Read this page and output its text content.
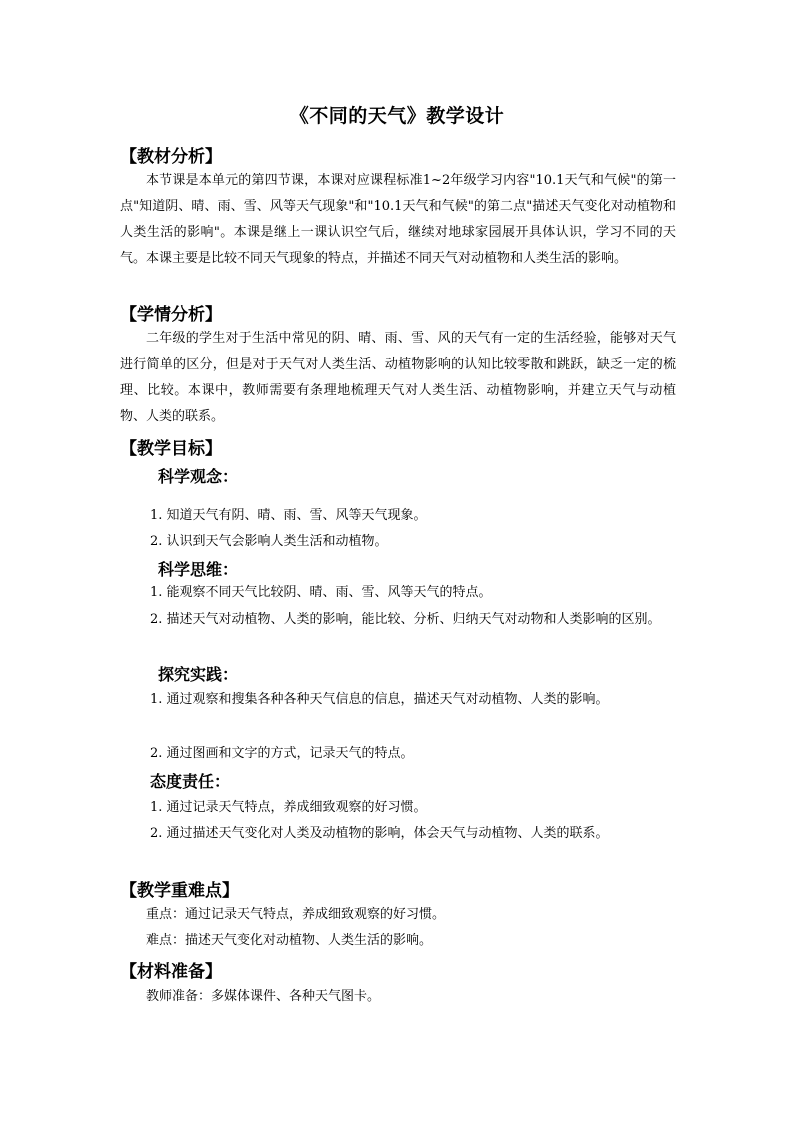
《不同的天气》教学设计
【教材分析】

本节课是本单元的第四节课，本课对应课程标准1~2年级学习内容"10.1天气和气候"的第一点"知道阴、晴、雨、雪、风等天气现象"和"10.1天气和气候"的第二点"描述天气变化对动植物和人类生活的影响"。本课是继上一课认识空气后，继续对地球家园展开具体认识，学习不同的天气。本课主要是比较不同天气现象的特点，并描述不同天气对动植物和人类生活的影响。

【学情分析】

二年级的学生对于生活中常见的阴、晴、雨、雪、风的天气有一定的生活经验，能够对天气进行简单的区分，但是对于天气对人类生活、动植物影响的认知比较零散和跳跃，缺乏一定的梳理、比较。本课中，教师需要有条理地梳理天气对人类生活、动植物影响，并建立天气与动植物、人类的联系。

【教学目标】
科学观念：

1. 知道天气有阴、晴、雨、雪、风等天气现象。

2. 认识到天气会影响人类生活和动植物。

科学思维：

1. 能观察不同天气比较阴、晴、雨、雪、风等天气的特点。

2. 描述天气对动植物、人类的影响，能比较、分析、归纳天气对动物和人类影响的区别。

探究实践：

1. 通过观察和搜集各种各种天气信息的信息，描述天气对动植物、人类的影响。

2. 通过图画和文字的方式，记录天气的特点。

态度责任：

1. 通过记录天气特点，养成细致观察的好习惯。

2. 通过描述天气变化对人类及动植物的影响，体会天气与动植物、人类的联系。

【教学重难点】

重点：通过记录天气特点，养成细致观察的好习惯。

难点：描述天气变化对动植物、人类生活的影响。

【材料准备】

教师准备：多媒体课件、各种天气图卡。
